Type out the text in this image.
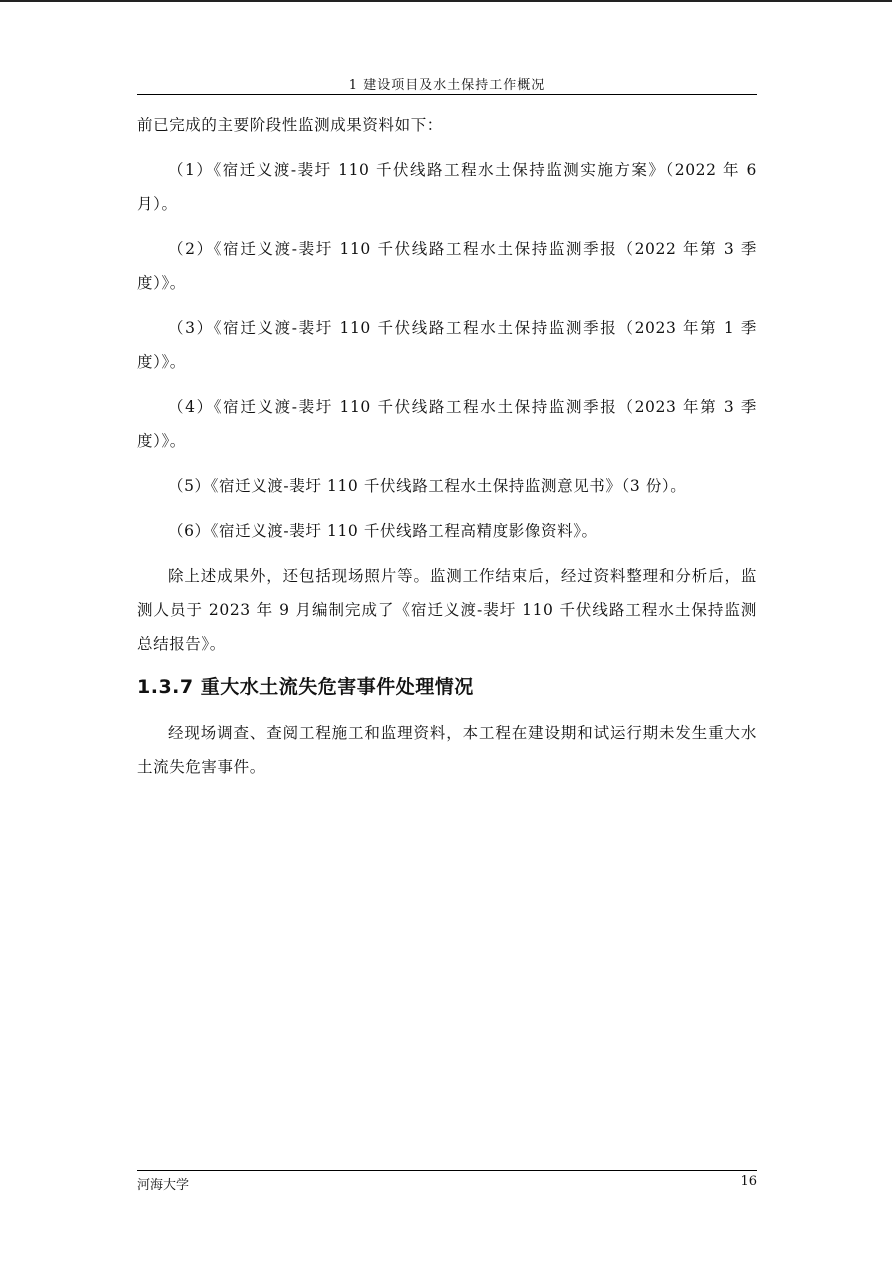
1 建设项目及水土保持工作概况

前已完成的主要阶段性监测成果资料如下：

（1）《宿迁义渡-裴圩 110 千伏线路工程水土保持监测实施方案》（2022 年 6 月）。

（2）《宿迁义渡-裴圩 110 千伏线路工程水土保持监测季报（2022 年第 3 季度）》。

（3）《宿迁义渡-裴圩 110 千伏线路工程水土保持监测季报（2023 年第 1 季度）》。

（4）《宿迁义渡-裴圩 110 千伏线路工程水土保持监测季报（2023 年第 3 季度）》。

（5）《宿迁义渡-裴圩 110 千伏线路工程水土保持监测意见书》（3 份）。

（6）《宿迁义渡-裴圩 110 千伏线路工程高精度影像资料》。

除上述成果外，还包括现场照片等。监测工作结束后，经过资料整理和分析后，监测人员于 2023 年 9 月编制完成了《宿迁义渡-裴圩 110 千伏线路工程水土保持监测总结报告》。

1.3.7 重大水土流失危害事件处理情况

经现场调查、查阅工程施工和监理资料，本工程在建设期和试运行期未发生重大水土流失危害事件。

河海大学	16
